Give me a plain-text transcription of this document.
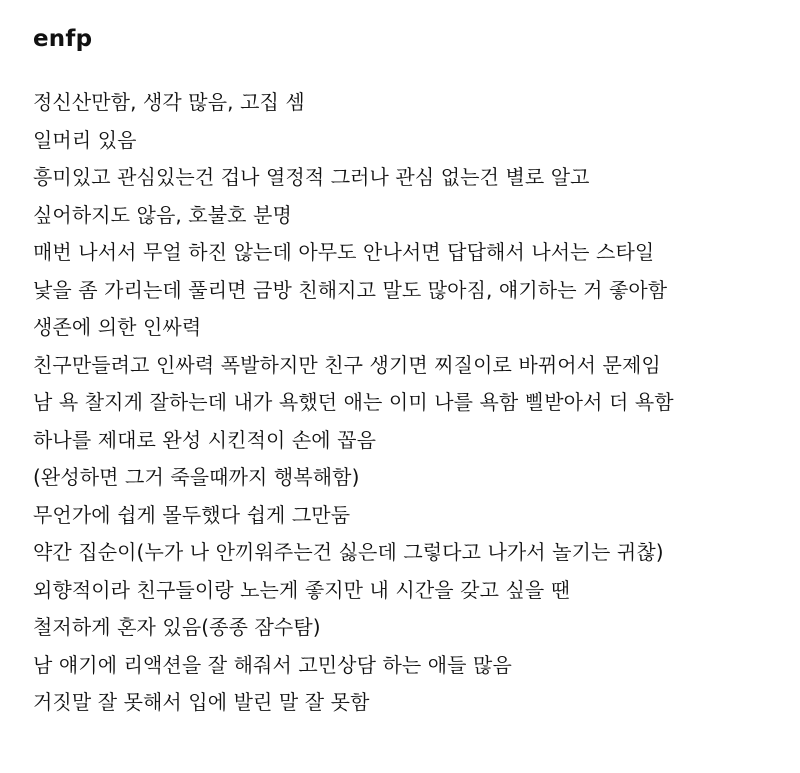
enfp
정신산만함, 생각 많음, 고집 셈
일머리 있음
흥미있고 관심있는건 겁나 열정적 그러나 관심 없는건 별로 알고
싶어하지도 않음, 호불호 분명
매번 나서서 무얼 하진 않는데 아무도 안나서면 답답해서 나서는 스타일
낯을 좀 가리는데 풀리면 금방 친해지고 말도 많아짐, 얘기하는 거 좋아함
생존에 의한 인싸력
친구만들려고 인싸력 폭발하지만 친구 생기면 찌질이로 바뀌어서 문제임
남 욕 찰지게 잘하는데 내가 욕했던 애는 이미 나를 욕함 삘받아서 더 욕함
하나를 제대로 완성 시킨적이 손에 꼽음
(완성하면 그거 죽을때까지 행복해함)
무언가에 쉽게 몰두했다 쉽게 그만둠
약간 집순이(누가 나 안끼워주는건 싫은데 그렇다고 나가서 놀기는 귀찮)
외향적이라 친구들이랑 노는게 좋지만 내 시간을 갖고 싶을 땐
철저하게 혼자 있음(종종 잠수탐)
남 얘기에 리액션을 잘 해줘서 고민상담 하는 애들 많음
거짓말 잘 못해서 입에 발린 말 잘 못함
